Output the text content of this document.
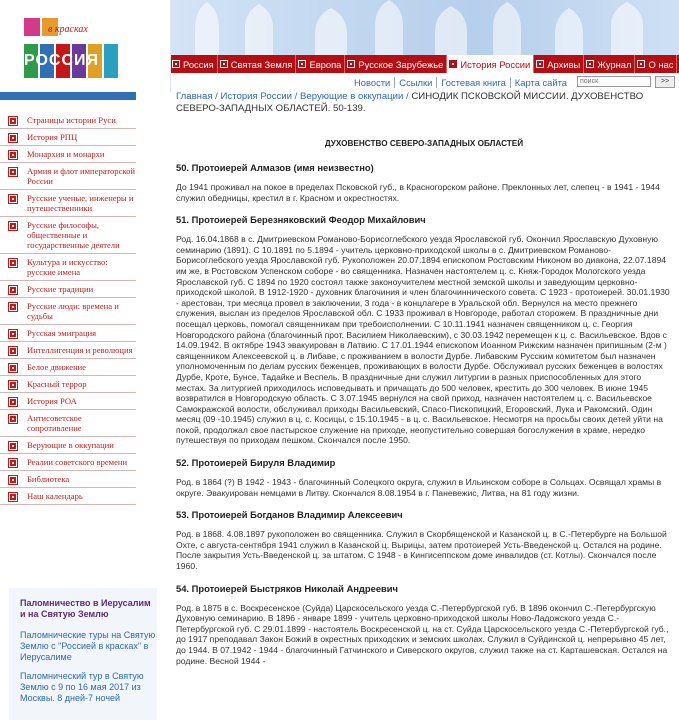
в красках
РОССИЯ	Россия Святая Земля Европа Русское Зарубежье История России Архивы Журнал О нас
Новости Ссылки Гостевая книга Карта сайта
поиск	>>
Страницы истории Руси
История РПЦ
Монархия и монархи
Армия и флот императорской России
Русские ученые, инженеры и путешественники
Русские философы, общественные и государственные деятели
Культура и искусство: русские имена
Русские традиции
Русские люди: времена и судьбы
Русская эмиграция
Интеллигенция и революция
Белое движение
Красный террор
История РОА
Антисоветское сопротивление
Верующие в оккупации
Реалии советского времени
Библиотека
Наш календарь
Паломничество в Иерусалим и на Святую Землю
Паломнические туры на Святую Землю с "Россией в красках" в Иерусалиме
Паломнический тур в Святую Землю с 9 по 16 мая 2017 из Москвы. 8 дней-7 ночей
Главная / История России / Верующие в оккупации / СИНОДИК ПСКОВСКОЙ МИССИИ. ДУХОВЕНСТВО СЕВЕРО-ЗАПАДНЫХ ОБЛАСТЕЙ. 50-139.
ДУХОВЕНСТВО СЕВЕРО-ЗАПАДНЫХ ОБЛАСТЕЙ
50. Протоиерей Алмазов (имя неизвестно)

До 1941 проживал на покое в пределах Псковской губ., в Красногорском районе. Преклонных лет, слепец - в 1941 - 1944 служил обедницы, крестил в г. Красном и окрестностях.

51. Протоиерей Березняковский Феодор Михайлович

Род. 16.04.1868 в с. Дмитриевском Романово-Борисоглебского уезда Ярославской губ. Окончил Ярославскую Духовную семинарию (1891). С 10.1891 по 5.1894 - учитель церковно-приходской школы в с. Дмитриевском Романово-Борисоглебского уезда Ярославской губ. Рукоположен 20.07.1894 епископом Ростовским Никоном во диакона, 22.07.1894 им же, в Ростовском Успенском соборе - во священника. Назначен настоятелем ц. с. Княж-Городок Мологского уезда Ярославской губ. С 1894 по 1920 состоял также законоучителем местной земской школы и заведующим церковно-приходской школой. В 1912-1920 - духовник благочиния и член благочиннического совета. С 1923 - протоиерей. 30.01.1930 - арестован, три месяца провел в заключении, 3 года - в концлагере в Уральской обл. Вернулся на место прежнего служения, выслан из пределов Ярославской обл. С 1933 проживал в Новгороде, работал сторожем. В праздничные дни посещал церковь, помогал священникам при требоисполнении. С 10.11.1941 назначен священником ц. с. Георгия Новгородского района (благочинный прот. Василием Николаевским), с 30.03.1942 перемещен к ц. с. Васильевское. Вдов с 14.09.1942. В октябре 1943 эвакуирован в Латвию. С 17.01.1944 епископом Иоанном Рижским назначен припишным (2-м ) священником Алексеевской ц. в Либаве, с проживанием в волости Дурбе. Либавским Русским комитетом был назначен уполномоченным по делам русских беженцев, проживающих в волости Дурбе. Обслуживал русских беженцев в волостях Дурбе, Кроте, Бунсе, Тадайке и Веспель. В праздничные дни служил литургии в разных приспособленных для этого местах. За литургией приходилось исповедывать и причащать до 500 человек, крестить до 300 человек. В июне 1945 возвратился в Новгородскую область. С 3.07.1945 вернулся на свой приход, назначен настоятелем ц. с. Васильевское Самокражской волости, обслуживал приходы Васильевский, Спасо-Пископицкий, Егоровский, Лука и Ракомский. Один месяц (09 -10.1945) служил в ц. с. Косицы, с 15.10.1945 - в ц. с. Васильевское. Несмотря на просьбы своих детей уйти на покой, продолжал свое пастырское служение на приходе, неопустительно совершая богослужения в храме, нередко путешествуя по приходам пешком. Скончался после 1950.

52. Протоиерей Бируля Владимир

Род. в 1864 (?) В 1942 - 1943 - благочинный Солецкого округа, служил в Ильинском соборе в Сольцах. Освящал храмы в округе. Эвакуирован немцами в Литву. Скончался 8.08.1954 в г. Паневежис, Литва, на 81 году жизни.

53. Протоиерей Богданов Владимир Алексеевич

Род. в 1868. 4.08.1897 рукоположен во священника. Служил в Скорбященской и Казанской ц. в С.-Петербурге на Большой Охте, с августа-сентября 1941 служил в Казанской ц. Вырицы, затем протоиерей Усть-Введенской ц. Остался на родине. После закрытия Усть-Введенской ц. за штатом. С 1948 - в Кингисеппском доме инвалидов (ст. Котлы). Скончался после 1960.

54. Протоиерей Быстряков Николай Андреевич

Род. в 1875 в с. Воскресенское (Суйда) Царскосельского уезда С.-Петербургской губ. В 1896 окончил С.-Петербургскую Духовную семинарию. В 1896 - январе 1899 - учитель церковно-приходской школы Ново-Ладожского уезда С.-Петербургской губ. С 29.01.1899 - настоятель Воскресенской ц. на ст. Суйда Царскосельского уезда С.-Петербургской губ., до 1917 преподавал Закон Божий в окрестных приходских и земских школах. Служил в Суйдинской ц. непрерывно 45 лет, до 1944. В 07.1942 - 1944 - благочинный Гатчинского и Сиверского округов, служил также на ст. Карташевская. Остался на родине. Весной 1944 -
